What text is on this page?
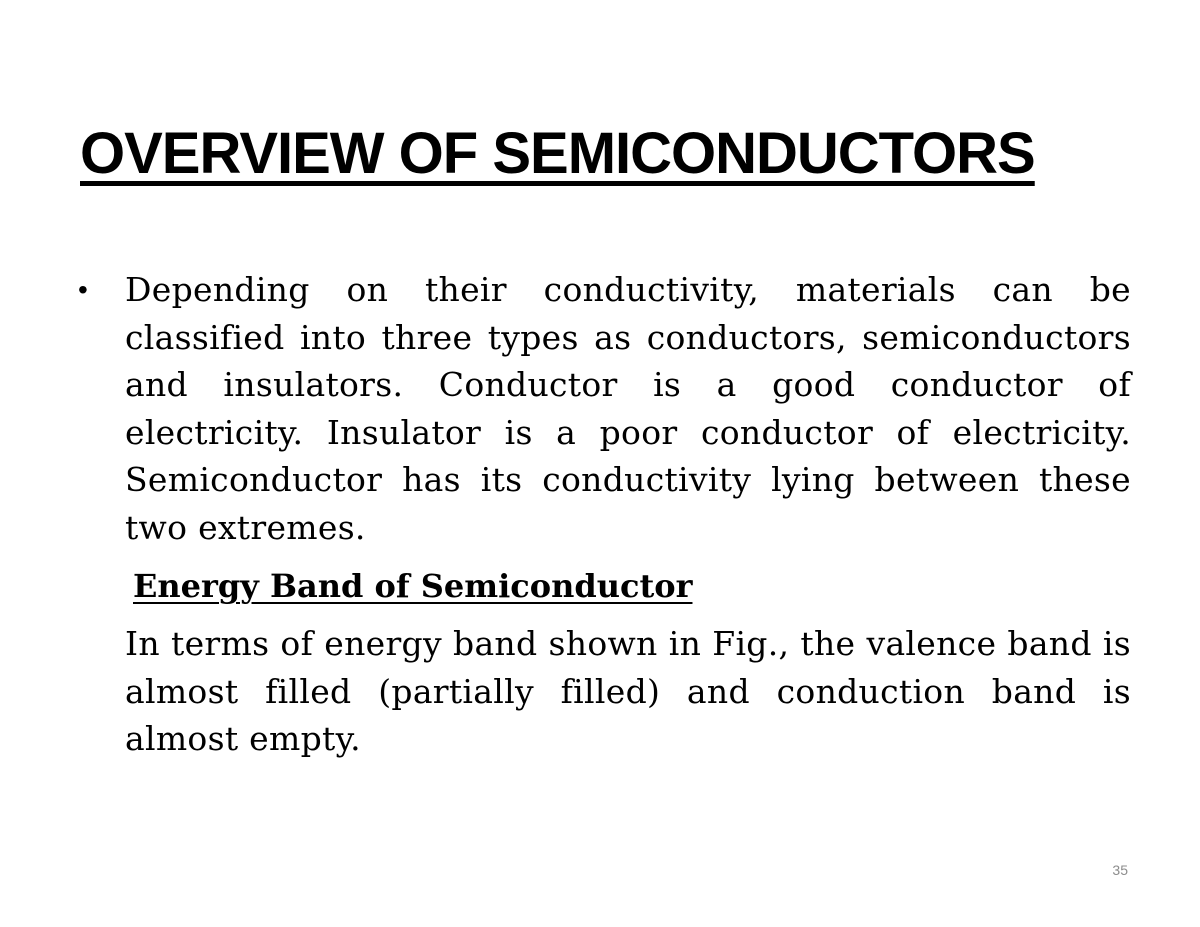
OVERVIEW OF SEMICONDUCTORS
• Depending on their conductivity, materials can be classified into three types as conductors, semiconductors and insulators. Conductor is a good conductor of electricity. Insulator is a poor conductor of electricity. Semiconductor has its conductivity lying between these two extremes.

Energy Band of Semiconductor

In terms of energy band shown in Fig., the valence band is almost filled (partially filled) and conduction band is almost empty.

35
